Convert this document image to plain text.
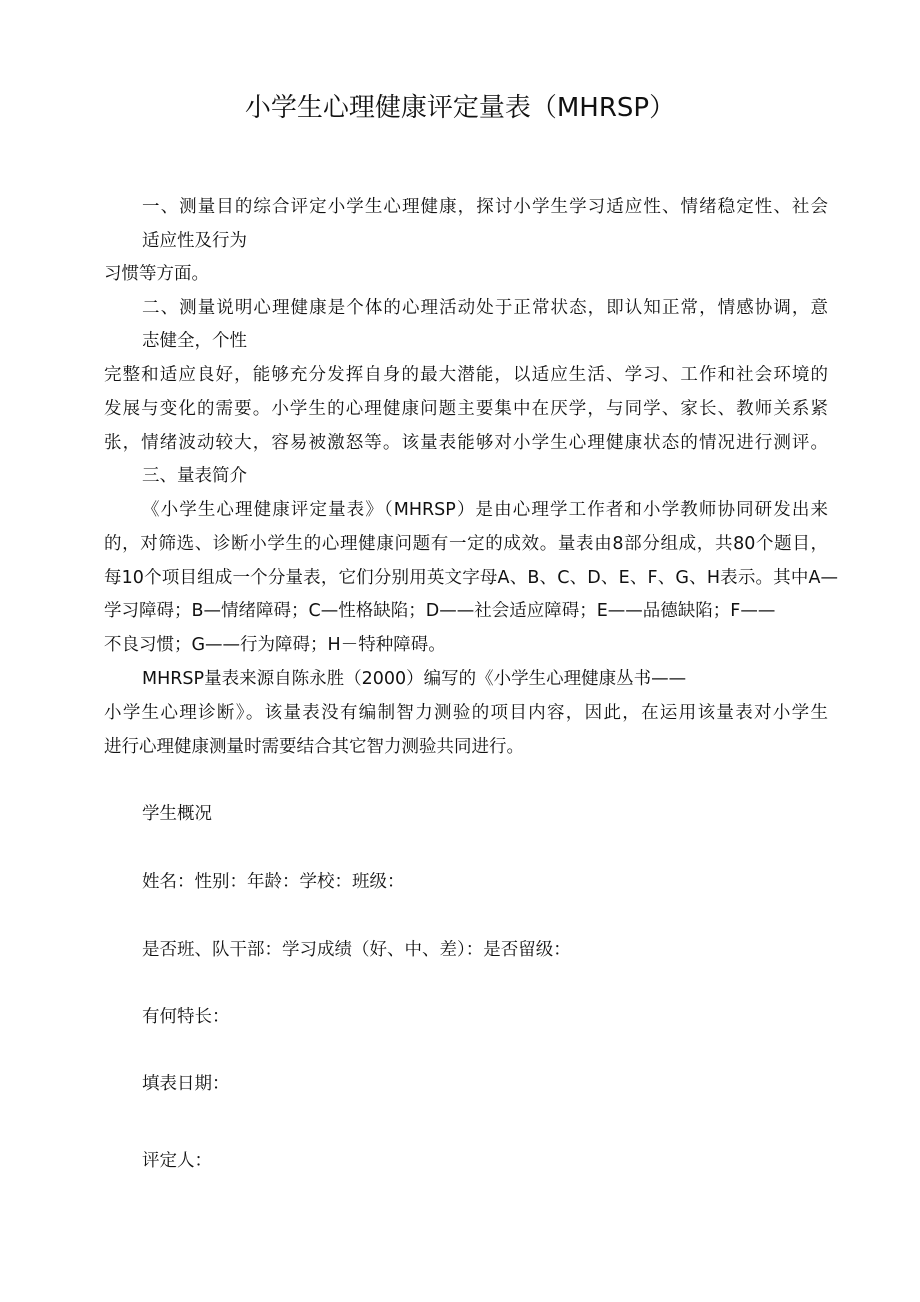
小学生心理健康评定量表（MHRSP）
一、测量目的综合评定小学生心理健康，探讨小学生学习适应性、情绪稳定性、社会
适应性及行为
习惯等方面。
二、测量说明心理健康是个体的心理活动处于正常状态，即认知正常，情感协调，意
志健全，个性
完整和适应良好，能够充分发挥自身的最大潜能，以适应生活、学习、工作和社会环境的
发展与变化的需要。小学生的心理健康问题主要集中在厌学，与同学、家长、教师关系紧
张，情绪波动较大，容易被激怒等。该量表能够对小学生心理健康状态的情况进行测评。
三、量表简介
《小学生心理健康评定量表》（MHRSP）是由心理学工作者和小学教师协同研发出来
的，对筛选、诊断小学生的心理健康问题有一定的成效。量表由8部分组成，共80个题目，
每10个项目组成一个分量表，它们分别用英文字母A、B、C、D、E、F、G、H表示。其中A—
学习障碍；B—情绪障碍；C—性格缺陷；D——社会适应障碍；E——品德缺陷；F——
不良习惯；G——行为障碍；H－特种障碍。
MHRSP量表来源自陈永胜（2000）编写的《小学生心理健康丛书——
小学生心理诊断》。该量表没有编制智力测验的项目内容，因此，在运用该量表对小学生
进行心理健康测量时需要结合其它智力测验共同进行。
学生概况
姓名：性别：年龄：学校：班级：
是否班、队干部：学习成绩（好、中、差）：是否留级：
有何特长：
填表日期：
评定人：
